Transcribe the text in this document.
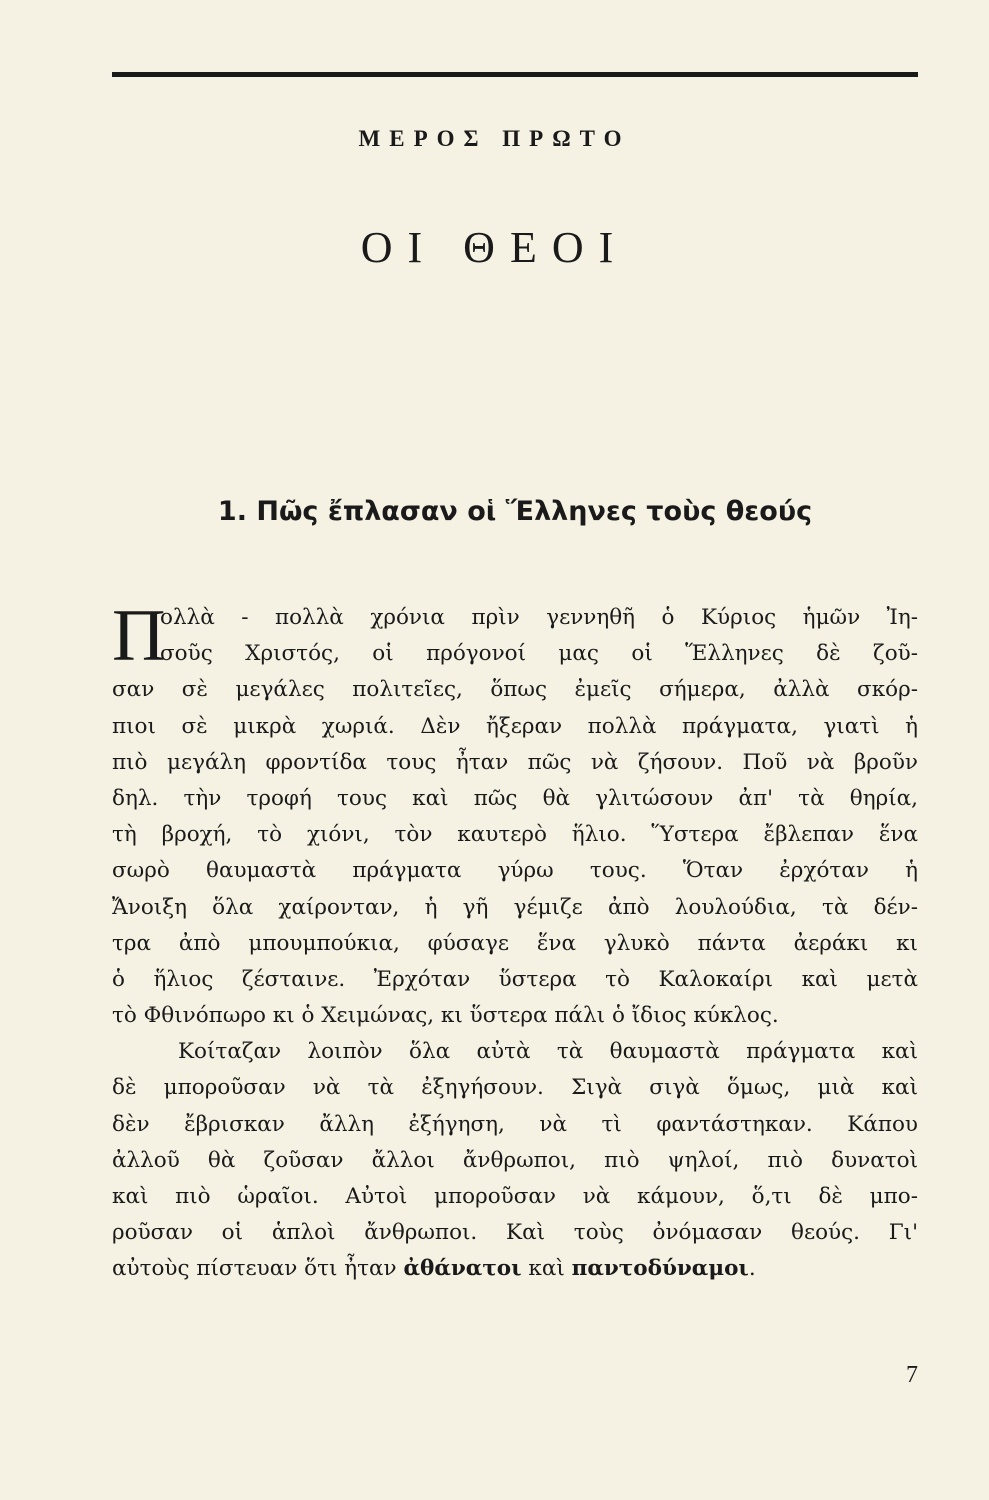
ΜΕΡΟΣ ΠΡΩΤΟ
ΟΙ ΘΕΟΙ
1. Πῶς ἔπλασαν οἱ Ἕλληνες τοὺς θεούς
Π
ολλὰ - πολλὰ χρόνια πρὶν γεννηθῆ ὁ Κύριος ἡμῶν Ἰη-
σοῦς Χριστός, οἱ πρόγονοί μας οἱ Ἕλληνες δὲ ζοῦ-
σαν σὲ μεγάλες πολιτεῖες, ὅπως ἐμεῖς σήμερα, ἀλλὰ σκόρ-
πιοι σὲ μικρὰ χωριά. Δὲν ἤξεραν πολλὰ πράγματα, γιατὶ ἡ
πιὸ μεγάλη φροντίδα τους ἦταν πῶς νὰ ζήσουν. Ποῦ νὰ βροῦν
δηλ. τὴν τροφή τους καὶ πῶς θὰ γλιτώσουν ἀπ' τὰ θηρία,
τὴ βροχή, τὸ χιόνι, τὸν καυτερὸ ἥλιο. Ὕστερα ἔβλεπαν ἕνα
σωρὸ θαυμαστὰ πράγματα γύρω τους. Ὅταν ἐρχόταν ἡ
Ἄνοιξη ὅλα χαίρονταν, ἡ γῆ γέμιζε ἀπὸ λουλούδια, τὰ δέν-
τρα ἀπὸ μπουμπούκια, φύσαγε ἕνα γλυκὸ πάντα ἀεράκι κι
ὁ ἥλιος ζέσταινε. Ἐρχόταν ὕστερα τὸ Καλοκαίρι καὶ μετὰ
τὸ Φθινόπωρο κι ὁ Χειμώνας, κι ὕστερα πάλι ὁ ἴδιος κύκλος.
Κοίταζαν λοιπὸν ὅλα αὐτὰ τὰ θαυμαστὰ πράγματα καὶ
δὲ μποροῦσαν νὰ τὰ ἐξηγήσουν. Σιγὰ σιγὰ ὅμως, μιὰ καὶ
δὲν ἔβρισκαν ἄλλη ἐξήγηση, νὰ τὶ φαντάστηκαν. Κάπου
ἀλλοῦ θὰ ζοῦσαν ἄλλοι ἄνθρωποι, πιὸ ψηλοί, πιὸ δυνατοὶ
καὶ πιὸ ὡραῖοι. Αὐτοὶ μποροῦσαν νὰ κάμουν, ὅ,τι δὲ μπο-
ροῦσαν οἱ ἁπλοὶ ἄνθρωποι. Καὶ τοὺς ὀνόμασαν θεούς. Γι'
αὐτοὺς πίστευαν ὅτι ἦταν ἀθάνατοι καὶ παντοδύναμοι.
7
